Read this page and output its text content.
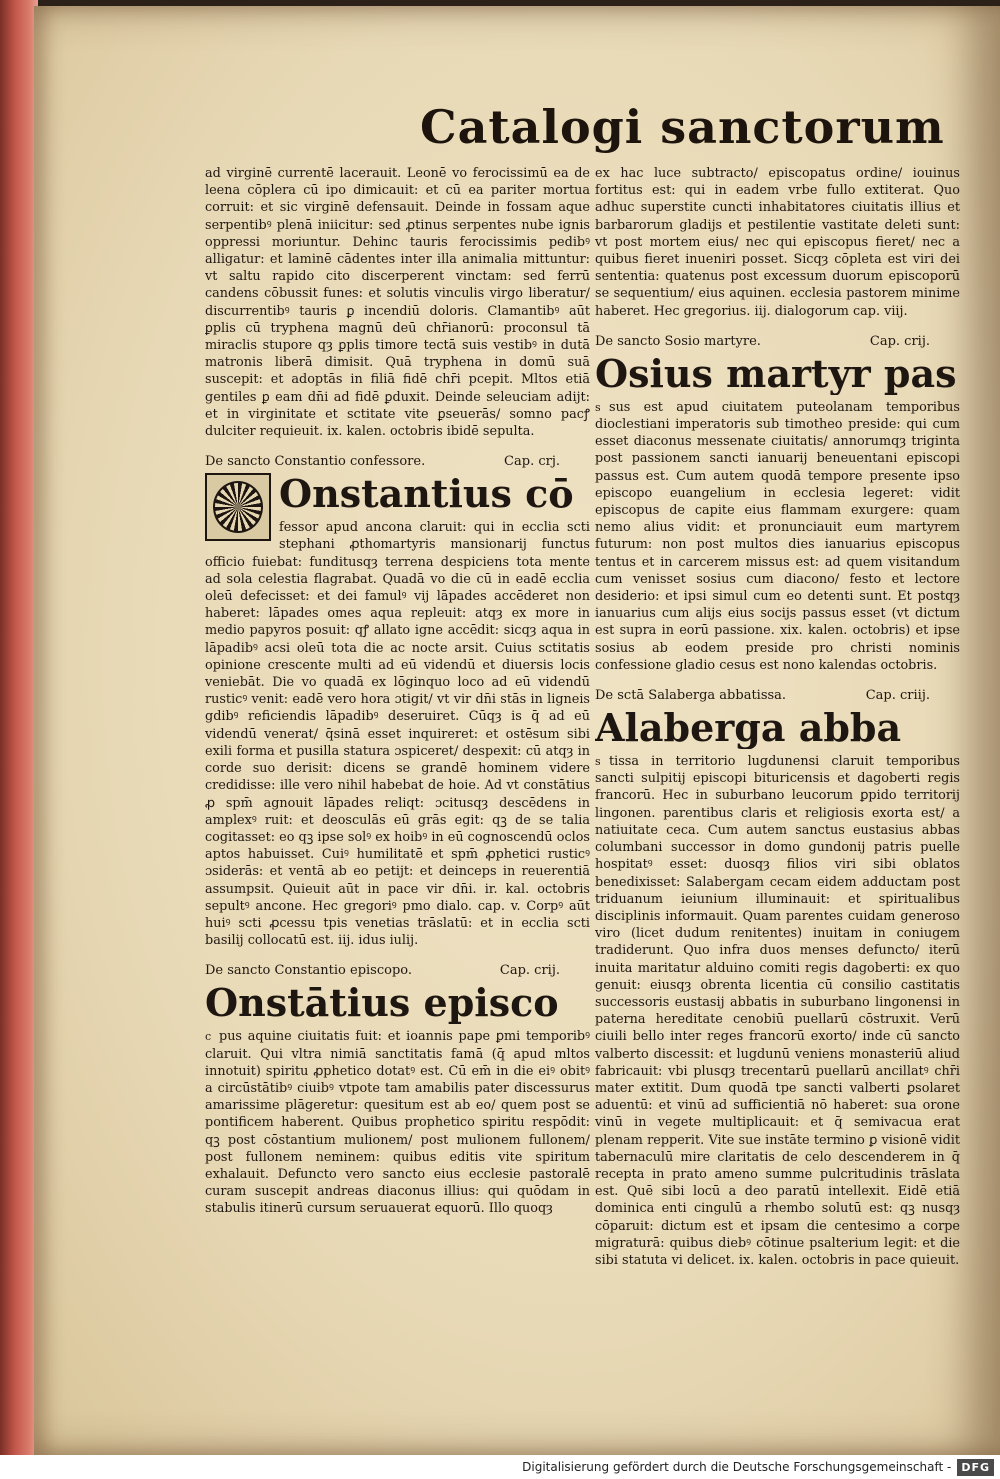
Catalogi sanctorum

ad virginē currentē lacerauit. Leonē vo ferocissimū ea de leena cōplera cū ipo dimicauit: et cū ea pariter mortua corruit: et sic virginē defensauit. Deinde in fossam aque serpentibꝰ plenā iniicitur: sed ꝓtinus serpentes nube ignis oppressi moriuntur. Dehinc tauris ferocissimis pedibꝰ alligatur: et laminē cādentes inter illa animalia mittuntur: vt saltu rapido cito discerperent vinctam: sed ferrū candens cōbussit funes: et solutis vinculis virgo liberatur/ discurrentibꝰ tauris ꝑ incendiū doloris. Clamantibꝰ aūt ꝑplis cū tryphena magnū deū chr̄ianorū: proconsul tā miraclis stupore qȝ ꝑplis timore tectā suis vestibꝰ in dutā matronis liberā dimisit. Quā tryphena in domū suā suscepit: et adoptās in filiā fidē chr̄i pcepit. Mltos etiā gentiles ꝑ eam dn̄i ad fidē ꝑduxit. Deinde seleuciam adijt: et in virginitate et sctitate vite ꝑseuerās/ somno pacꝭ dulciter requieuit. ix. kalen. octobris ibidē sepulta.

De sancto Constantio confessore.	Cap. crj.
Onstantius cō

fessor apud ancona claruit: qui in ecclia scti stephani ꝓthomartyris mansionarij functus officio fuiebat: funditusqȝ terrena despiciens tota mente ad sola celestia flagrabat. Quadā vo die cū in eadē ecclia oleū defecisset: et dei famulꝰ vij lāpades accēderet non haberet: lāpades omes aqua repleuit: atqȝ ex more in medio papyros posuit: qꝭ allato igne accēdit: sicqȝ aqua in lāpadibꝰ acsi oleū tota die ac nocte arsit. Cuius sctitatis opinione crescente multi ad eū videndū et diuersis locis veniebāt. Die vo quadā ex lōginquo loco ad eū videndū rusticꝰ venit: eadē vero hora ɔtigit/ vt vir dn̄i stās in ligneis gdibꝰ reficiendis lāpadibꝰ deseruiret. Cūqȝ is q̄ ad eū videndū venerat/ q̄sinā esset inquireret: et ostēsum sibi exili forma et pusilla statura ɔspiceret/ despexit: cū atqȝ in corde suo derisit: dicens se grandē hominem videre credidisse: ille vero nihil habebat de hoie. Ad vt constātius ꝓ spm̄ agnouit lāpades reliqt: ɔcitusqȝ descēdens in amplexꝰ ruit: et deosculās eū grās egit: qꝫ de se talia cogitasset: eo qꝫ ipse solꝰ ex hoibꝰ in eū cognoscendū oclos aptos habuisset. Cuiꝰ humilitatē et spm̄ ꝓphetici rusticꝰ ɔsiderās: et ventā ab eo petijt: et deinceps in reuerentiā assumpsit. Quieuit aūt in pace vir dn̄i. ir. kal. octobris sepultꝰ ancone. Hec gregoriꝰ pmo dialo. cap. v. Corpꝰ aūt huiꝰ scti ꝓcessu tpis venetias trāslatū: et in ecclia scti basilij collocatū est. iij. idus iulij.

De sancto Constantio episcopo.	Cap. crij.
Onstātius episco

c pus aquine ciuitatis fuit: et ioannis pape ꝑmi temporibꝰ claruit. Qui vltra nimiā sanctitatis famā (q̄ apud mltos innotuit) spiritu ꝓphetico dotatꝰ est. Cū em̄ in die eiꝰ obitꝰ a circūstātibꝰ ciuibꝰ vtpote tam amabilis pater discessurus amarissime plāgeretur: quesitum est ab eo/ quem post se pontificem haberent. Quibus prophetico spiritu respōdit: qꝫ post cōstantium mulionem/ post mulionem fullonem/ post fullonem neminem: quibus editis vite spiritum exhalauit. Defuncto vero sancto eius ecclesie pastoralē curam suscepit andreas diaconus illius: qui quōdam in stabulis itinerū cursum seruauerat equorū. Illo quoqȝ

ex hac luce subtracto/ episcopatus ordine/ iouinus fortitus est: qui in eadem vrbe fullo extiterat. Quo adhuc superstite cuncti inhabitatores ciuitatis illius et barbarorum gladijs et pestilentie vastitate deleti sunt: vt post mortem eius/ nec qui episcopus fieret/ nec a quibus fieret inueniri posset. Sicqȝ cōpleta est viri dei sententia: quatenus post excessum duorum episcoporū se sequentium/ eius aquinen. ecclesia pastorem minime haberet. Hec gregorius. iij. dialogorum cap. viij.

De sancto Sosio martyre.	Cap. crij.
Osius martyr pas

s sus est apud ciuitatem puteolanam temporibus dioclestiani imperatoris sub timotheo preside: qui cum esset diaconus messenate ciuitatis/ annorumqȝ triginta post passionem sancti ianuarij beneuentani episcopi passus est. Cum autem quodā tempore presente ipso episcopo euangelium in ecclesia legeret: vidit episcopus de capite eius flammam exurgere: quam nemo alius vidit: et pronunciauit eum martyrem futurum: non post multos dies ianuarius episcopus tentus et in carcerem missus est: ad quem visitandum cum venisset sosius cum diacono/ festo et lectore desiderio: et ipsi simul cum eo detenti sunt. Et postqȝ ianuarius cum alijs eius socijs passus esset (vt dictum est supra in eorū passione. xix. kalen. octobris) et ipse sosius ab eodem preside pro christi nominis confessione gladio cesus est nono kalendas octobris.

De sctā Salaberga abbatissa.	Cap. criij.
Alaberga abba

s tissa in territorio lugdunensi claruit temporibus sancti sulpitij episcopi bituricensis et dagoberti regis francorū. Hec in suburbano leucorum ꝑpido territorij lingonen. parentibus claris et religiosis exorta est/ a natiuitate ceca. Cum autem sanctus eustasius abbas columbani successor in domo gundonij patris puelle hospitatꝰ esset: duosqȝ filios viri sibi oblatos benedixisset: Salabergam cecam eidem adductam post triduanum ieiunium illuminauit: et spiritualibus disciplinis informauit. Quam parentes cuidam generoso viro (licet dudum renitentes) inuitam in coniugem tradiderunt. Quo infra duos menses defuncto/ iterū inuita maritatur alduino comiti regis dagoberti: ex quo genuit: eiusqȝ obrenta licentia cū consilio castitatis successoris eustasij abbatis in suburbano lingonensi in paterna hereditate cenobiū puellarū cōstruxit. Verū ciuili bello inter reges francorū exorto/ inde cū sancto valberto discessit: et lugdunū veniens monasteriū aliud fabricauit: vbi plusqȝ trecentarū puellarū ancillatꝰ chr̄i mater extitit. Dum quodā tpe sancti valberti ꝑsolaret aduentū: et vinū ad sufficientiā nō haberet: sua orone vinū in vegete multiplicauit: et q̄ semivacua erat plenam repperit. Vite sue instāte termino ꝑ visionē vidit tabernaculū mire claritatis de celo descenderem in q̄ recepta in prato ameno summe pulcritudinis trāslata est. Quē sibi locū a deo paratū intellexit. Eidē etiā dominica enti cingulū a rhembo solutū est: qꝫ nusqȝ cōparuit: dictum est et ipsam die centesimo a corpe migraturā: quibus diebꝰ cōtinue psalterium legit: et die sibi statuta vi delicet. ix. kalen. octobris in pace quieuit.

Digitalisierung gefördert durch die Deutsche Forschungsgemeinschaft - DFG
